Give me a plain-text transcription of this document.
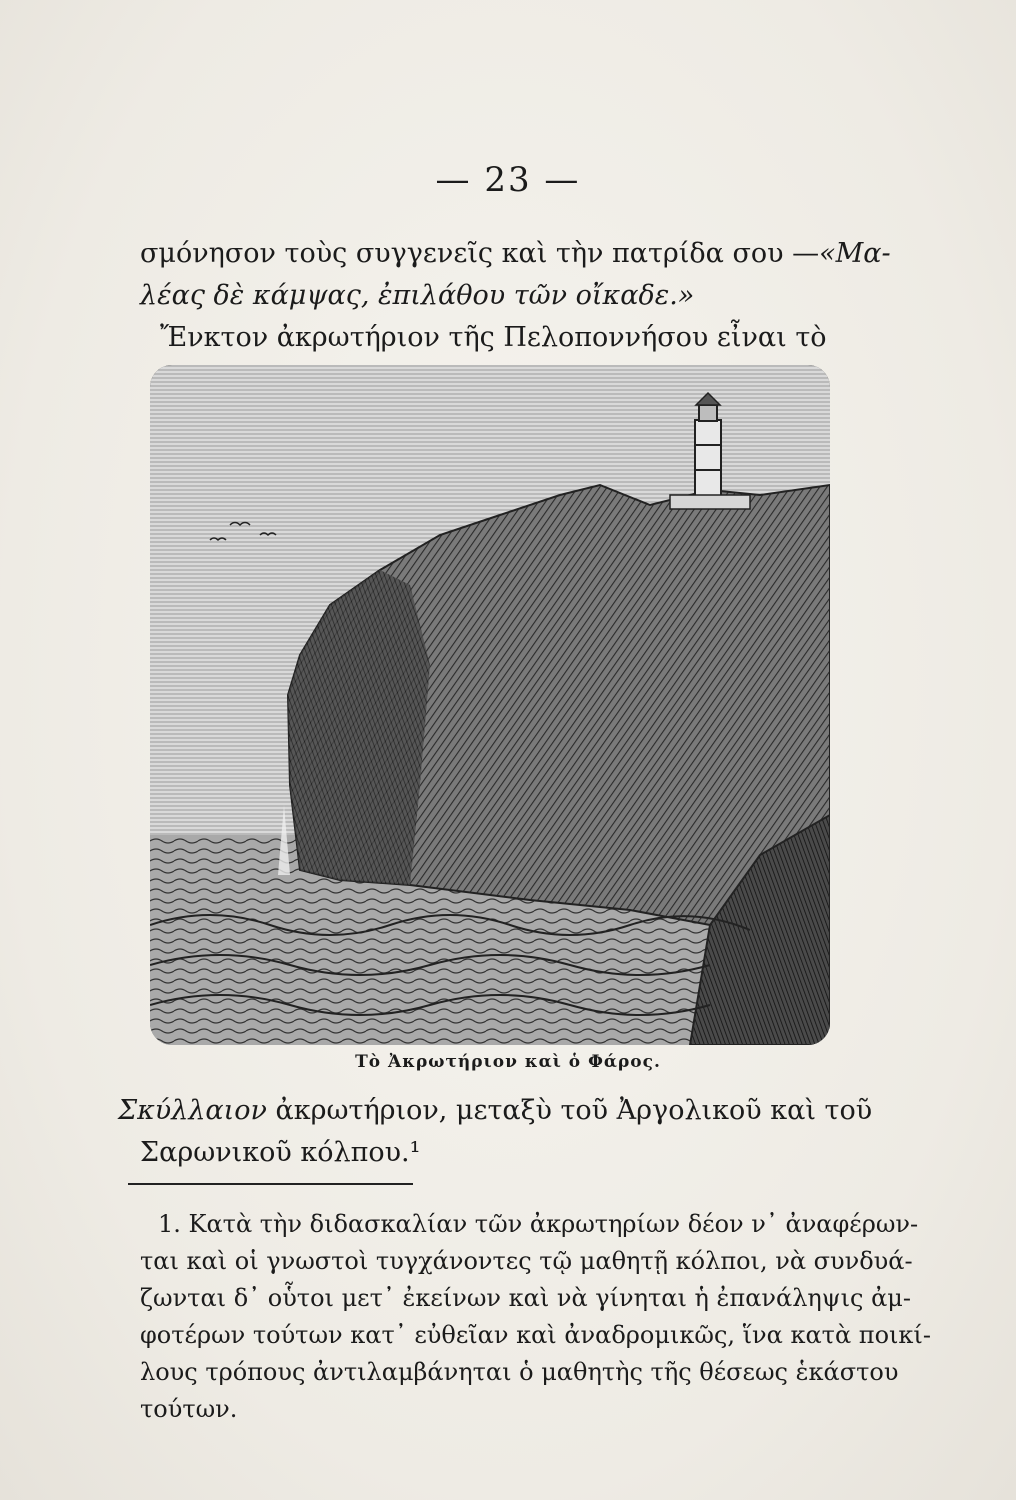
— 23 —
σμόνησον τοὺς συγγενεῖς καὶ τὴν πατρίδα σου — «Μα-
λέας δὲ κάμψας, ἐπιλάθου τῶν οἴκαδε.»
Ἔνκτον ἀκρωτήριον τῆς Πελοποννήσου εἶναι τὸ
Τὸ Ἀκρωτήριον καὶ ὁ Φάρος.
Σκύλλαιον ἀκρωτήριον, μεταξὺ τοῦ Ἀργολικοῦ καὶ τοῦ
Σαρωνικοῦ κόλπου.¹
1. Κατὰ τὴν διδασκαλίαν τῶν ἀκρωτηρίων δέον ν᾽ ἀναφέρων-
ται καὶ οἱ γνωστοὶ τυγχάνοντες τῷ μαθητῇ κόλποι, νὰ συνδυά-
ζωνται δ᾽ οὗτοι μετ᾽ ἐκείνων καὶ νὰ γίνηται ἡ ἐπανάληψις ἀμ-
φοτέρων τούτων κατ᾽ εὐθεῖαν καὶ ἀναδρομικῶς, ἵνα κατὰ ποικί-
λους τρόπους ἀντιλαμβάνηται ὁ μαθητὴς τῆς θέσεως ἑκάστου
τούτων.
